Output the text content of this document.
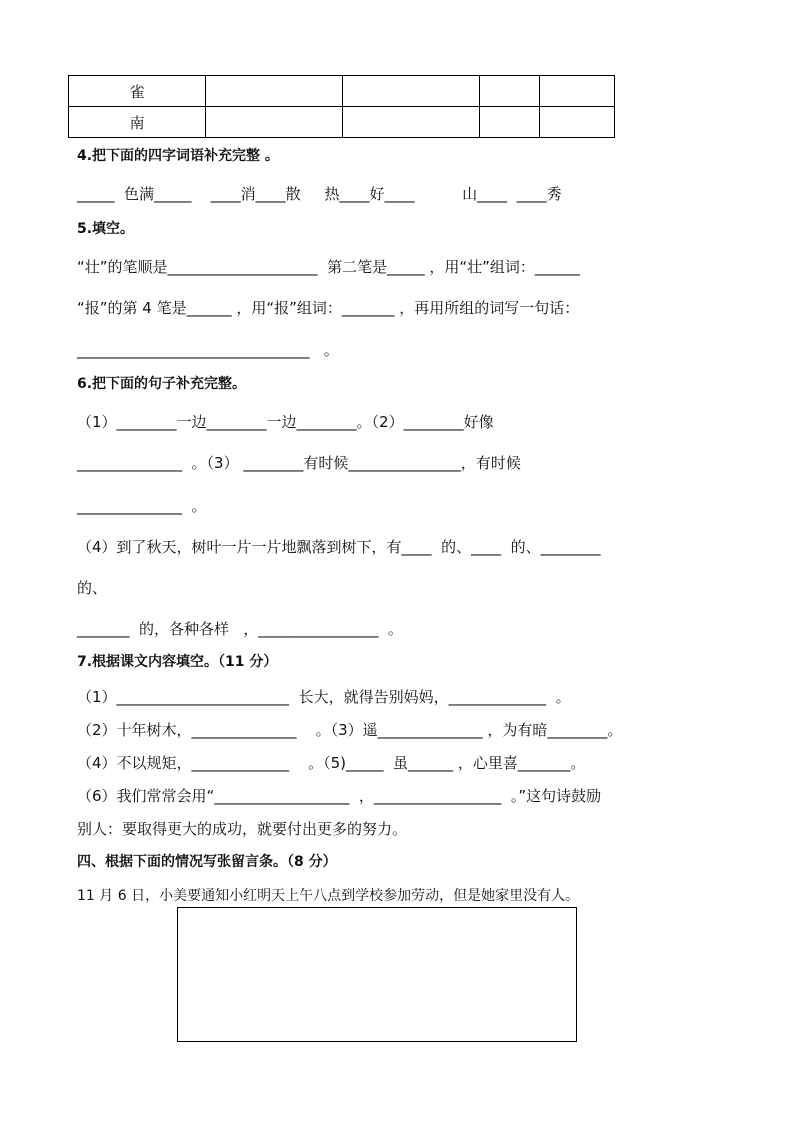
雀				
南				
4.把下面的四字词语补充完整 。
_____  色满_____    ____消____散     热____好____          山____  ____秀
5.填空。
“壮”的笔顺是____________________  第二笔是_____ ，用“壮”组词：______
“报”的第 4 笔是______ ，用“报”组词：_______ ，再用所组的词写一句话：
_______________________________   。
6.把下面的句子补充完整。
（1）________一边________一边________。（2）________好像
______________  。（3） ________有时候_______________，有时候
______________  。
（4）到了秋天，树叶一片一片地飘落到树下，有____  的、____  的、________
的、
_______  的，各种各样   ，________________  。
7.根据课文内容填空。（11 分）
（1）_______________________  长大，就得告别妈妈，_____________  。
（2）十年树木，______________    。（3）遥______________ ，为有暗________。
（4）不以规矩，_____________    。（5)_____  虽______ ，心里喜_______。
（6）我们常常会用“__________________  ，_________________  。”这句诗鼓励
别人：要取得更大的成功，就要付出更多的努力。
四、根据下面的情况写张留言条。（8 分）
11 月 6 日，小美要通知小红明天上午八点到学校参加劳动，但是她家里没有人。
